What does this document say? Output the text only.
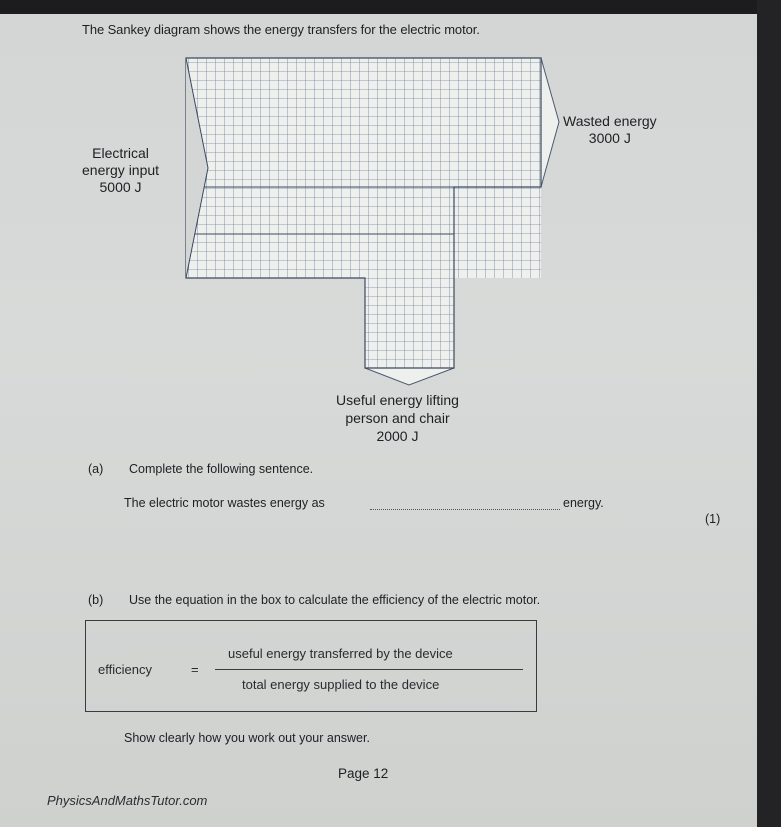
The Sankey diagram shows the energy transfers for the electric motor.
Electrical
energy input
5000 J
Wasted energy
3000 J
Useful energy lifting
person and chair
2000 J
(a) Complete the following sentence.
The electric motor wastes energy as	energy.
(1)
(b) Use the equation in the box to calculate the efficiency of the electric motor.
efficiency	=
useful energy transferred by the device
total energy supplied to the device
Show clearly how you work out your answer.
Page 12
PhysicsAndMathsTutor.com
